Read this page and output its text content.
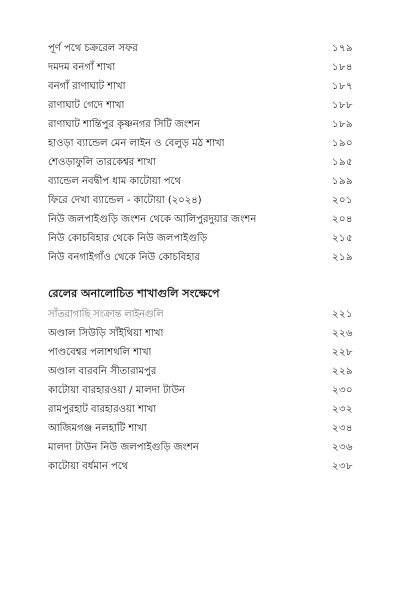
পূর্ণ পথে চক্ররেল সফর	১৭৯
দমদম বনগাঁ শাখা	১৮৪
বনগাঁ রাণাঘাট শাখা	১৮৭
রাণাঘাট গেদে শাখা	১৮৮
রাণাঘাট শান্তিপুর কৃষ্ণনগর সিটি জংশন	১৮৯
হাওড়া ব্যান্ডেল মেন লাইন ও বেলুড় মঠ শাখা	১৯০
শেওড়াফুলি তারকেশ্বর শাখা	১৯৫
ব্যান্ডেল নবদ্বীপ ধাম কাটোয়া পথে	১৯৯
ফিরে দেখা ব্যান্ডেল - কাটোয়া (২০২৪)	২০১
নিউ জলপাইগুড়ি জংশন থেকে আলিপুরদুয়ার জংশন	২০৪
নিউ কোচবিহার থেকে নিউ জলপাইগুড়ি	২১৫
নিউ বনগাইগাঁও থেকে নিউ কোচবিহার	২১৯
রেলের অনালোচিত শাখাগুলি সংক্ষেপে
সাঁতরাগাছি সংক্রান্ত লাইনগুলি	২২১
অণ্ডাল সিউড়ি সাঁইথিয়া শাখা	২২৬
পাণ্ডবেশ্বর পলাশথলি শাখা	২২৮
অণ্ডাল বারবনি সীতারামপুর	২২৯
কাটোয়া বারহারওয়া / মালদা টাউন	২৩০
রামপুরহাট বারহারওয়া শাখা	২৩২
আজিমগঞ্জ নলহাটি শাখা	২৩৪
মালদা টাউন নিউ জলপাইগুড়ি জংশন	২৩৬
কাটোয়া বর্ধমান পথে	২৩৮
